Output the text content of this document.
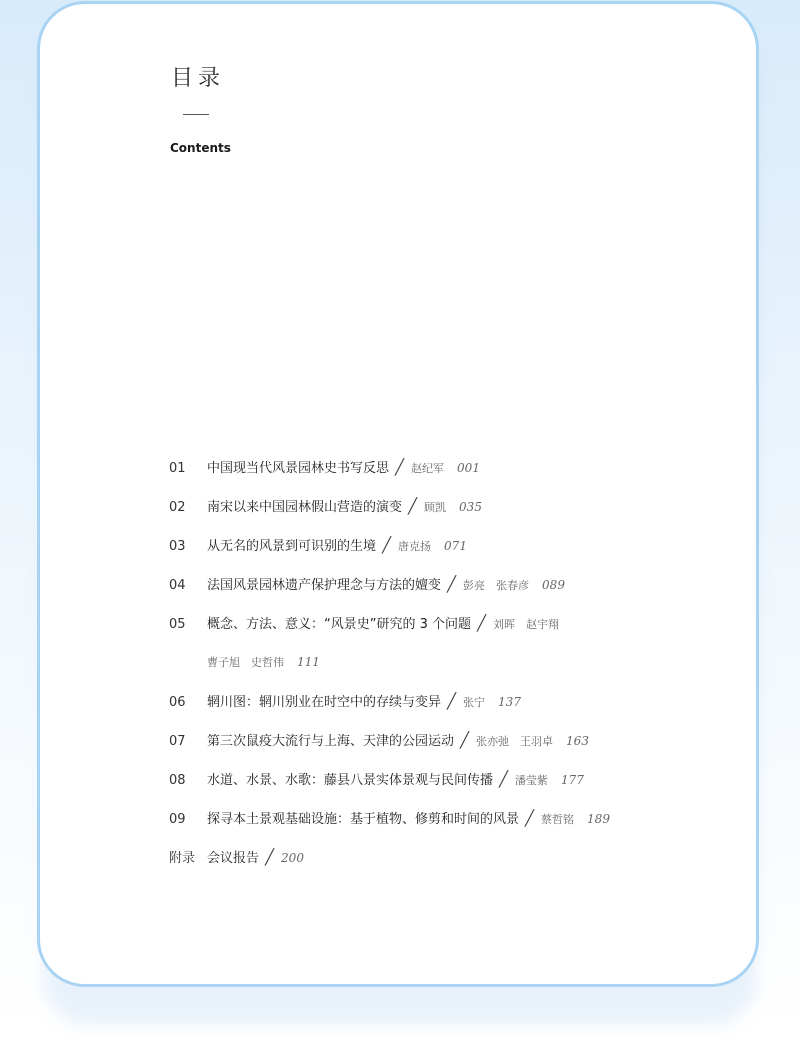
目录
Contents
01 中国现当代风景园林史书写反思 ╱ 赵纪军 001
02 南宋以来中国园林假山营造的演变 ╱ 顾凯 035
03 从无名的风景到可识别的生境 ╱ 唐克扬 071
04 法国风景园林遗产保护理念与方法的嬗变 ╱ 彭亮　张春彦 089
05 概念、方法、意义：“风景史”研究的 3 个问题 ╱ 刘晖　赵宇翔
曹子旭　史哲伟 111
06 辋川图：辋川别业在时空中的存续与变异 ╱ 张宁 137
07 第三次鼠疫大流行与上海、天津的公园运动 ╱ 张亦弛　王羽卓 163
08 水道、水景、水歌：藤县八景实体景观与民间传播 ╱ 潘莹紫 177
09 探寻本土景观基础设施：基于植物、修剪和时间的风景 ╱ 蔡哲铭 189
附录 会议报告 ╱ 200
